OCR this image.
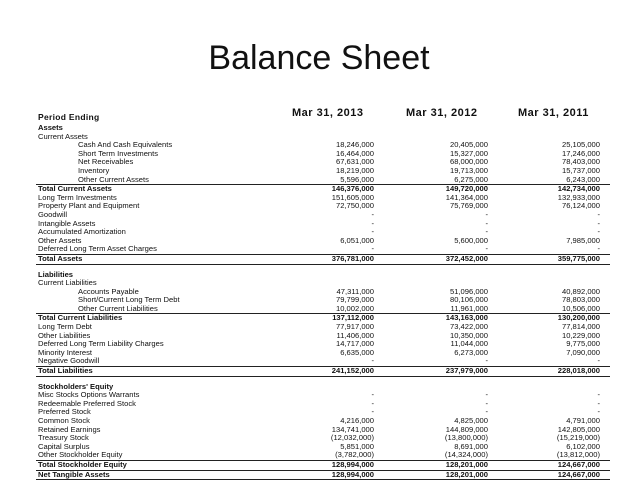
Balance Sheet
Period Ending	Mar 31, 2013	Mar 31, 2012	Mar 31, 2011
Assets
Current Assets
Cash And Cash Equivalents	18,246,000	20,405,000	25,105,000
Short Term Investments	16,464,000	15,327,000	17,246,000
Net Receivables	67,631,000	68,000,000	78,403,000
Inventory	18,219,000	19,713,000	15,737,000
Other Current Assets	5,596,000	6,275,000	6,243,000
Total Current Assets	146,376,000	149,720,000	142,734,000
Long Term Investments	151,605,000	141,364,000	132,933,000
Property Plant and Equipment	72,750,000	75,769,000	76,124,000
Goodwill	-	-	-
Intangible Assets	-	-	-
Accumulated Amortization	-	-	-
Other Assets	6,051,000	5,600,000	7,985,000
Deferred Long Term Asset Charges	-	-	-
Total Assets	376,781,000	372,452,000	359,775,000
Liabilities
Current Liabilities
Accounts Payable	47,311,000	51,096,000	40,892,000
Short/Current Long Term Debt	79,799,000	80,106,000	78,803,000
Other Current Liabilities	10,002,000	11,961,000	10,506,000
Total Current Liabilities	137,112,000	143,163,000	130,200,000
Long Term Debt	77,917,000	73,422,000	77,814,000
Other Liabilities	11,406,000	10,350,000	10,229,000
Deferred Long Term Liability Charges	14,717,000	11,044,000	9,775,000
Minority Interest	6,635,000	6,273,000	7,090,000
Negative Goodwill	-	-	-
Total Liabilities	241,152,000	237,979,000	228,018,000
Stockholders' Equity
Misc Stocks Options Warrants	-	-	-
Redeemable Preferred Stock	-	-	-
Preferred Stock	-	-	-
Common Stock	4,216,000	4,825,000	4,791,000
Retained Earnings	134,741,000	144,809,000	142,805,000
Treasury Stock	(12,032,000)	(13,800,000)	(15,219,000)
Capital Surplus	5,851,000	8,691,000	6,102,000
Other Stockholder Equity	(3,782,000)	(14,324,000)	(13,812,000)
Total Stockholder Equity	128,994,000	128,201,000	124,667,000
Net Tangible Assets	128,994,000	128,201,000	124,667,000
